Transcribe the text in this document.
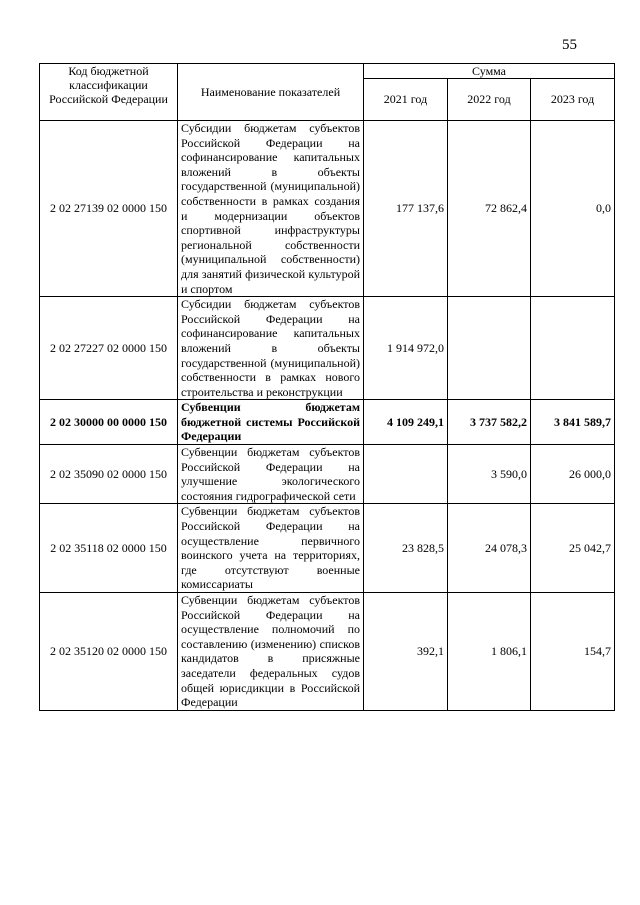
55
Код бюджетной классификации Российской Федерации	Наименование показателей	Сумма		
		2021 год	2022 год	2023 год
2 02 27139 02 0000 150	Субсидии бюджетам субъектов Российской Федерации на софинансирование капитальных вложений в объекты государственной (муниципальной) собственности в рамках создания и модернизации объектов спортивной инфраструктуры региональной собственности (муниципальной собственности) для занятий физической культурой и спортом	177 137,6	72 862,4	0,0
2 02 27227 02 0000 150	Субсидии бюджетам субъектов Российской Федерации на софинансирование капитальных вложений в объекты государственной (муниципальной) собственности в рамках нового строительства и реконструкции	1 914 972,0		
2 02 30000 00 0000 150	Субвенции бюджетам бюджетной системы Российской Федерации	4 109 249,1	3 737 582,2	3 841 589,7
2 02 35090 02 0000 150	Субвенции бюджетам субъектов Российской Федерации на улучшение экологического состояния гидрографической сети		3 590,0	26 000,0
2 02 35118 02 0000 150	Субвенции бюджетам субъектов Российской Федерации на осуществление первичного воинского учета на территориях, где отсутствуют военные комиссариаты	23 828,5	24 078,3	25 042,7
2 02 35120 02 0000 150	Субвенции бюджетам субъектов Российской Федерации на осуществление полномочий по составлению (изменению) списков кандидатов в присяжные заседатели федеральных судов общей юрисдикции в Российской Федерации	392,1	1 806,1	154,7
